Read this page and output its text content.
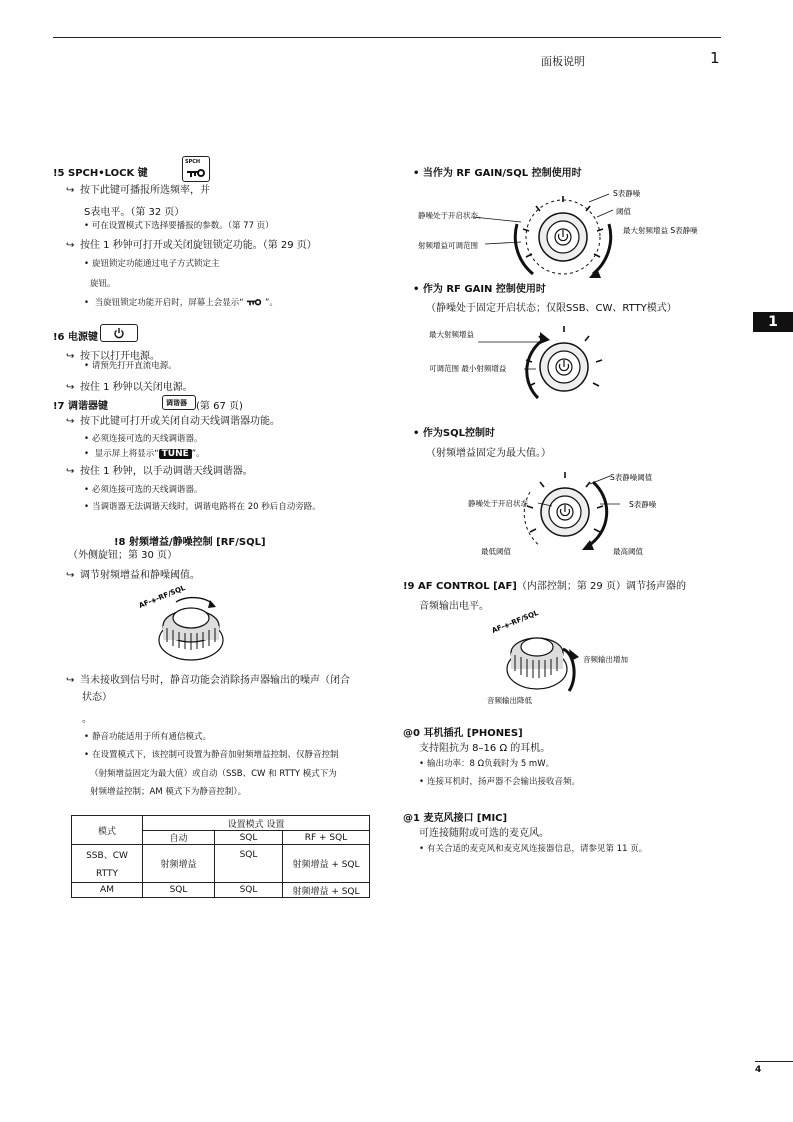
面板说明	1
1
!5 SPCH•LOCK 键
SPCH
↪ 按下此键可播报所选频率，并
S表电平。（第 32 页）
• 可在设置模式下选择要播报的参数。（第 77 页）
↪ 按住 1 秒钟可打开或关闭旋钮锁定功能。（第 29 页）
• 旋钮锁定功能通过电子方式锁定主
旋钮。
• 当旋钮锁定功能开启时，屏幕上会显示“	”。
!6 电源键
↪ 按下以打开电源。
• 请预先打开直流电源。
↪ 按住 1 秒钟以关闭电源。
!7 调谐器键	调谐器 (第 67 页)
↪ 按下此键可打开或关闭自动天线调谐器功能。
• 必须连接可选的天线调谐器。
• 显示屏上将显示“ TUNE ”。
↪ 按住 1 秒钟，以手动调谐天线调谐器。
• 必须连接可选的天线调谐器。
• 当调谐器无法调谐天线时，调谐电路将在 20 秒后自动旁路。
!8 射频增益/静噪控制 [RF/SQL]
（外侧旋钮；第 30 页）
↪ 调节射频增益和静噪阈值。
AF-◈-RF/SQL
↪ 当未接收到信号时，静音功能会消除扬声器输出的噪声（闭合
状态）
。
• 静音功能适用于所有通信模式。
• 在设置模式下，该控制可设置为静音加射频增益控制、仅静音控制
（射频增益固定为最大值）或自动（SSB、CW 和 RTTY 模式下为
射频增益控制；AM 模式下为静音控制）。
模式	设置模式 设置		
	自动	SQL	RF + SQL

SSB、CW
RTTY	射频增益	SQL	射频增益 + SQL
AM	SQL	SQL	射频增益 + SQL
• 当作为 RF GAIN/SQL 控制使用时
S表静噪
阈值
最大射频增益 S表静噪
静噪处于开启状态。
射频增益可调范围
• 作为 RF GAIN 控制使用时
（静噪处于固定开启状态；仅限SSB、CW、RTTY模式）
最大射频增益
可调范围 最小射频增益
• 作为SQL控制时
（射频增益固定为最大值。）
S表静噪阈值
静噪处于开启状态	S表静噪
最低阈值	最高阈值
!9 AF CONTROL [AF]（内部控制；第 29 页）调节扬声器的
音频输出电平。
AF-◈-RF/SQL
音频输出增加
音频输出降低
@0 耳机插孔 [PHONES]
支持阻抗为 8–16 Ω 的耳机。
• 输出功率：8 Ω负载时为 5 mW。
• 连接耳机时，扬声器不会输出接收音频。
@1 麦克风接口 [MIC]
可连接随附或可选的麦克风。
• 有关合适的麦克风和麦克风连接器信息，请参见第 11 页。
4
